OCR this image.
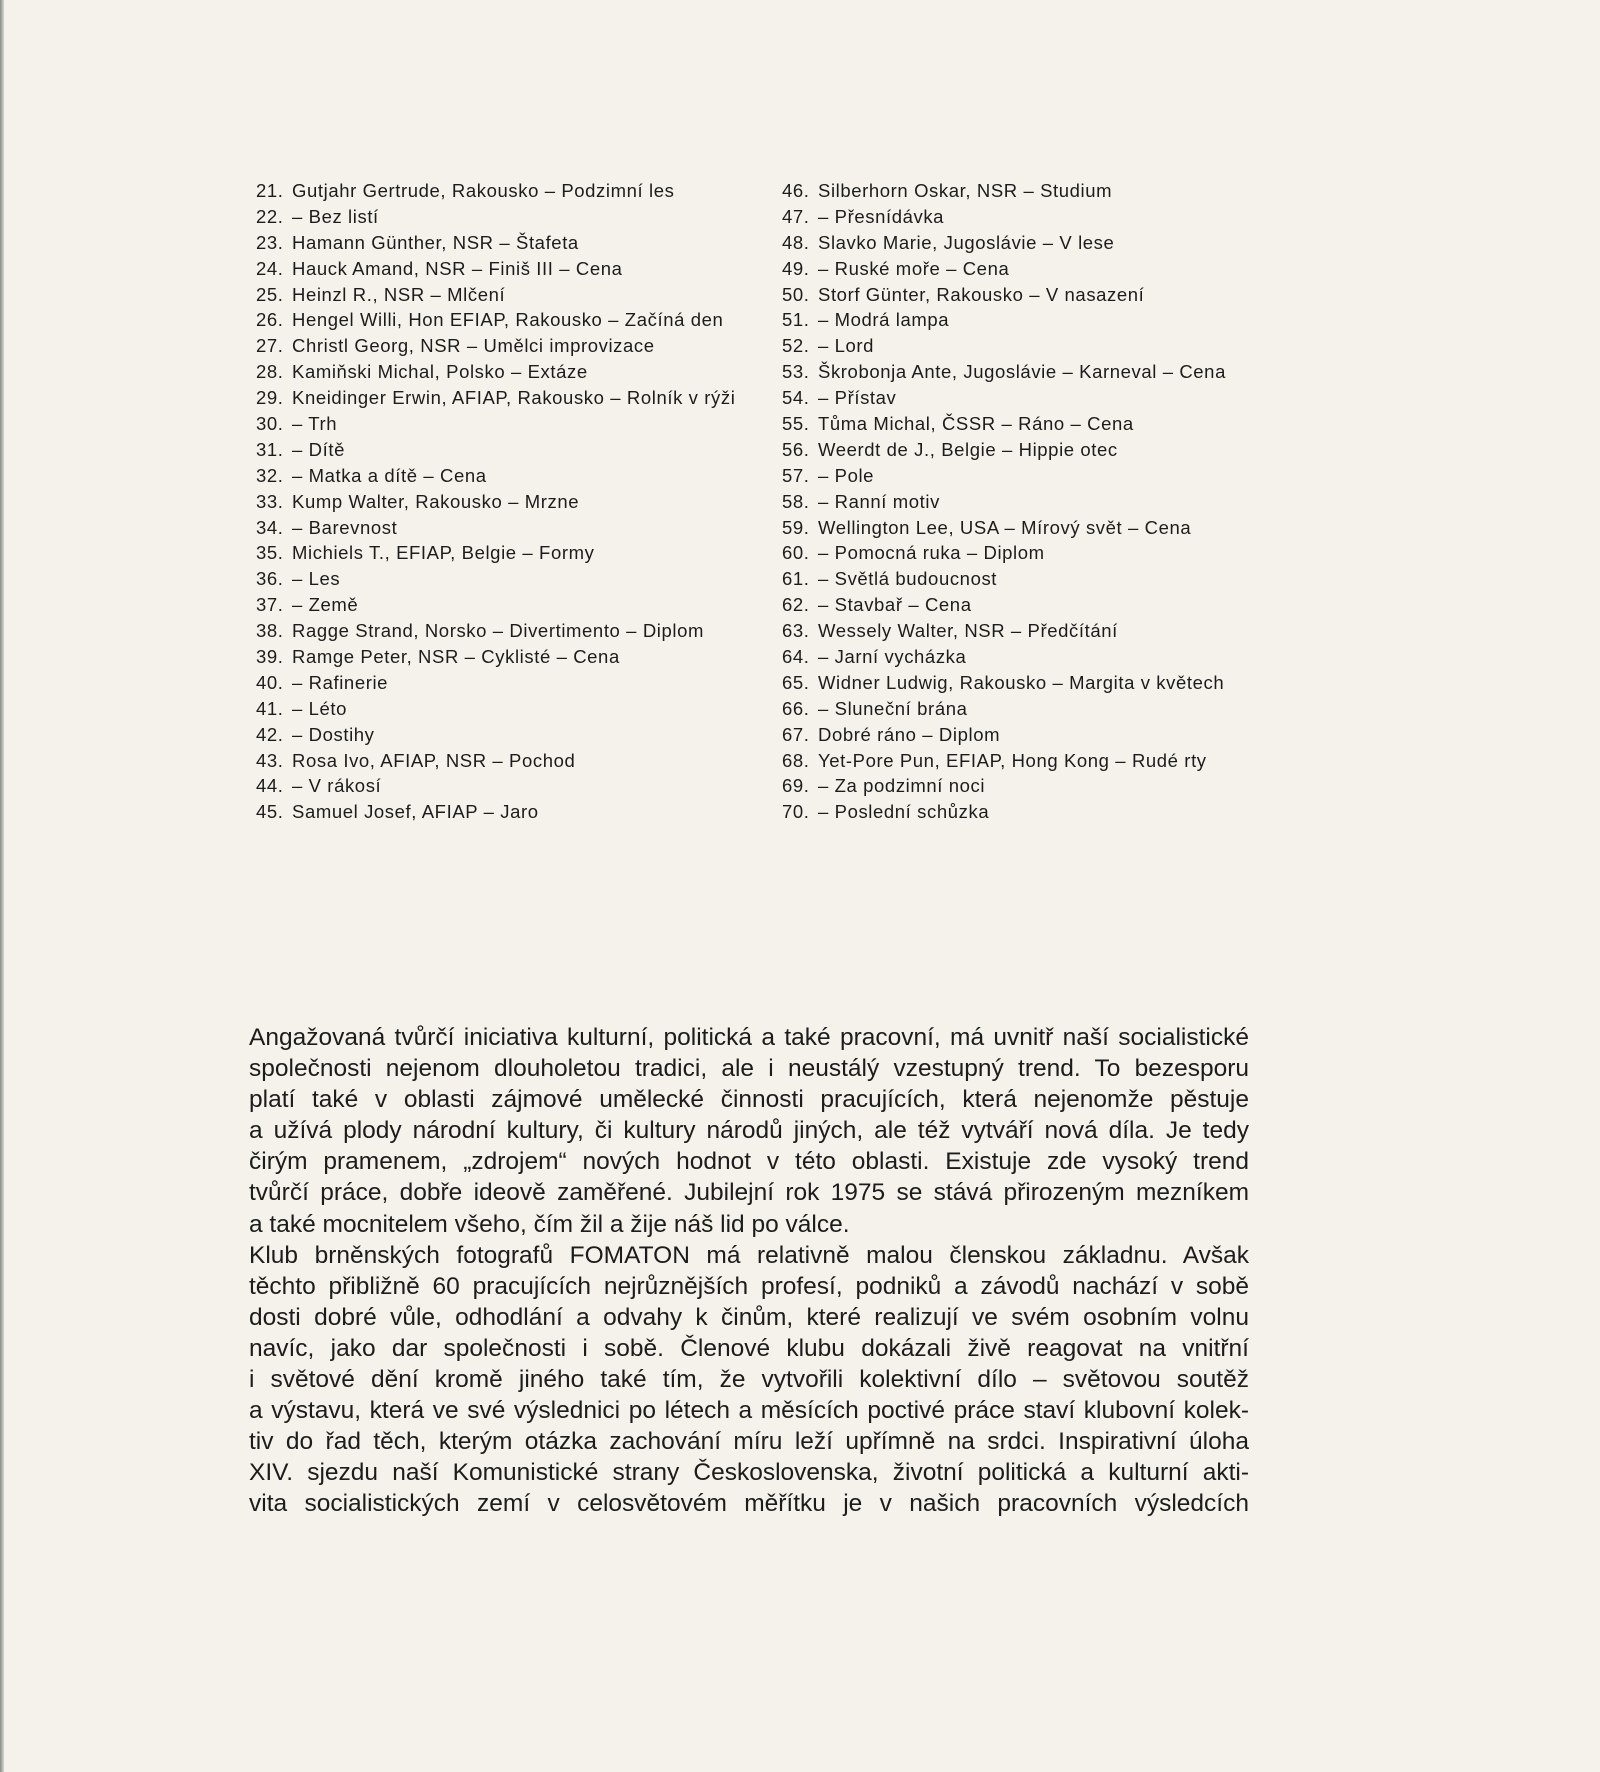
21. Gutjahr Gertrude, Rakousko – Podzimní les
22. – Bez listí
23. Hamann Günther, NSR – Štafeta
24. Hauck Amand, NSR – Finiš III – Cena
25. Heinzl R., NSR – Mlčení
26. Hengel Willi, Hon EFIAP, Rakousko – Začíná den
27. Christl Georg, NSR – Umělci improvizace
28. Kamiňski Michal, Polsko – Extáze
29. Kneidinger Erwin, AFIAP, Rakousko – Rolník v rýži
30. – Trh
31. – Dítě
32. – Matka a dítě – Cena
33. Kump Walter, Rakousko – Mrzne
34. – Barevnost
35. Michiels T., EFIAP, Belgie – Formy
36. – Les
37. – Země
38. Ragge Strand, Norsko – Divertimento – Diplom
39. Ramge Peter, NSR – Cyklisté – Cena
40. – Rafinerie
41. – Léto
42. – Dostihy
43. Rosa Ivo, AFIAP, NSR – Pochod
44. – V rákosí
45. Samuel Josef, AFIAP – Jaro
46. Silberhorn Oskar, NSR – Studium
47. – Přesnídávka
48. Slavko Marie, Jugoslávie – V lese
49. – Ruské moře – Cena
50. Storf Günter, Rakousko – V nasazení
51. – Modrá lampa
52. – Lord
53. Škrobonja Ante, Jugoslávie – Karneval – Cena
54. – Přístav
55. Tůma Michal, ČSSR – Ráno – Cena
56. Weerdt de J., Belgie – Hippie otec
57. – Pole
58. – Ranní motiv
59. Wellington Lee, USA – Mírový svět – Cena
60. – Pomocná ruka – Diplom
61. – Světlá budoucnost
62. – Stavbař – Cena
63. Wessely Walter, NSR – Předčítání
64. – Jarní vycházka
65. Widner Ludwig, Rakousko – Margita v květech
66. – Sluneční brána
67. Dobré ráno – Diplom
68. Yet-Pore Pun, EFIAP, Hong Kong – Rudé rty
69. – Za podzimní noci
70. – Poslední schůzka
Angažovaná tvůrčí iniciativa kulturní, politická a také pracovní, má uvnitř naší socialistické
společnosti nejenom dlouholetou tradici, ale i neustálý vzestupný trend. To bezesporu
platí také v oblasti zájmové umělecké činnosti pracujících, která nejenomže pěstuje
a užívá plody národní kultury, či kultury národů jiných, ale též vytváří nová díla. Je tedy
čirým pramenem, „zdrojem“ nových hodnot v této oblasti. Existuje zde vysoký trend
tvůrčí práce, dobře ideově zaměřené. Jubilejní rok 1975 se stává přirozeným mezníkem
a také mocnitelem všeho, čím žil a žije náš lid po válce.
Klub brněnských fotografů FOMATON má relativně malou členskou základnu. Avšak
těchto přibližně 60 pracujících nejrůznějších profesí, podniků a závodů nachází v sobě
dosti dobré vůle, odhodlání a odvahy k činům, které realizují ve svém osobním volnu
navíc, jako dar společnosti i sobě. Členové klubu dokázali živě reagovat na vnitřní
i světové dění kromě jiného také tím, že vytvořili kolektivní dílo – světovou soutěž
a výstavu, která ve své výslednici po létech a měsících poctivé práce staví klubovní kolek-
tiv do řad těch, kterým otázka zachování míru leží upřímně na srdci. Inspirativní úloha
XIV. sjezdu naší Komunistické strany Československa, životní politická a kulturní akti-
vita socialistických zemí v celosvětovém měřítku je v našich pracovních výsledcích
